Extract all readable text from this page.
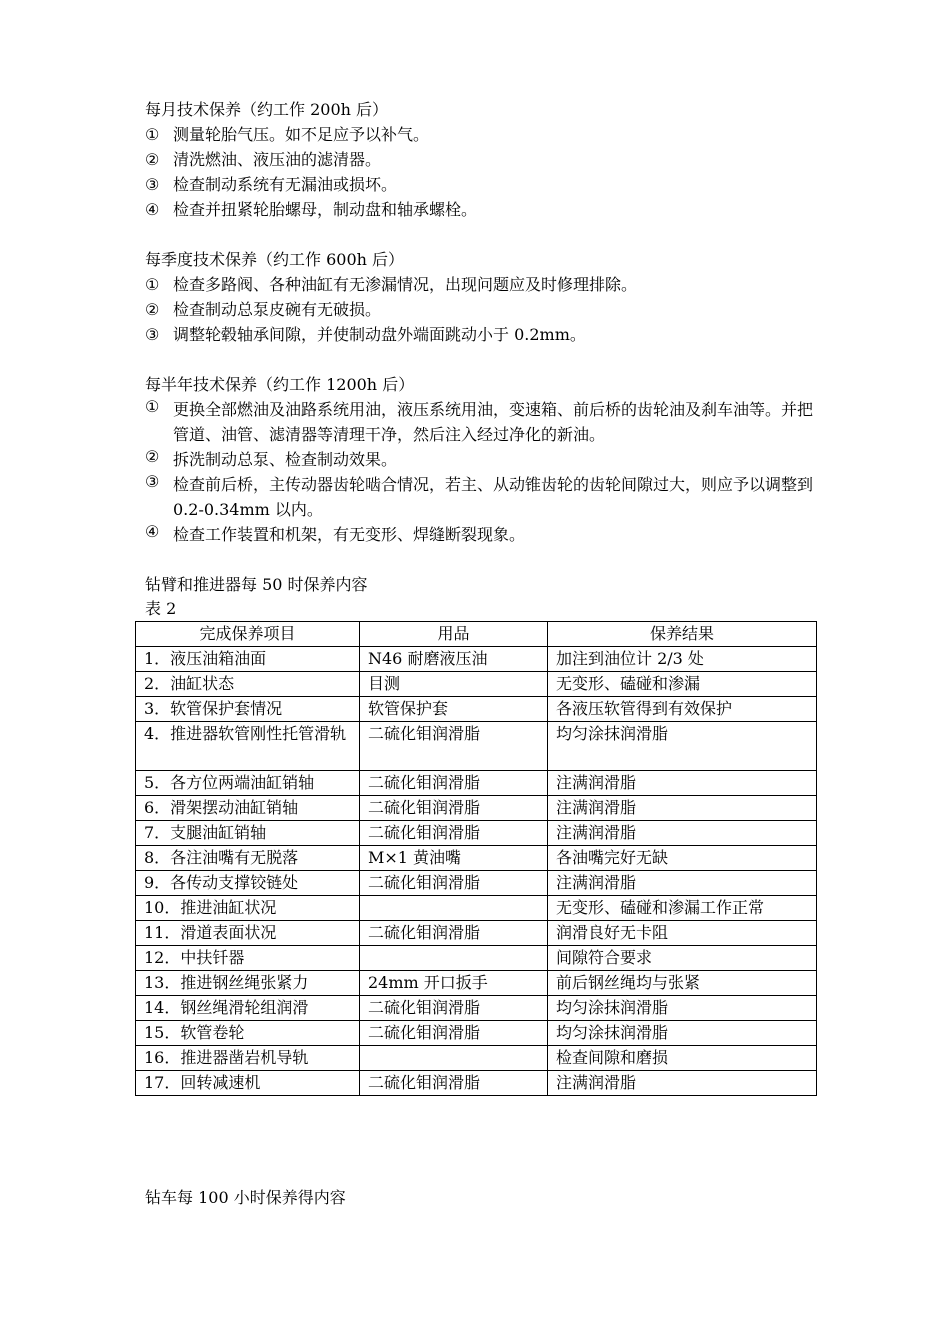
每月技术保养（约工作 200h 后）
① 测量轮胎气压。如不足应予以补气。
② 清洗燃油、液压油的滤清器。
③ 检查制动系统有无漏油或损坏。
④ 检查并扭紧轮胎螺母，制动盘和轴承螺栓。
每季度技术保养（约工作 600h 后）
① 检查多路阀、各种油缸有无渗漏情况，出现问题应及时修理排除。
② 检查制动总泵皮碗有无破损。
③ 调整轮毂轴承间隙，并使制动盘外端面跳动小于 0.2mm。
每半年技术保养（约工作 1200h 后）
① 更换全部燃油及油路系统用油，液压系统用油，变速箱、前后桥的齿轮油及刹车油等。并把管道、油管、滤清器等清理干净，然后注入经过净化的新油。
② 拆洗制动总泵、检查制动效果。
③ 检查前后桥，主传动器齿轮啮合情况，若主、从动锥齿轮的齿轮间隙过大，则应予以调整到 0.2-0.34mm 以内。
④ 检查工作装置和机架，有无变形、焊缝断裂现象。
钻臂和推进器每 50 时保养内容
表 2
完成保养项目	用品	保养结果
1．液压油箱油面	N46 耐磨液压油	加注到油位计 2/3 处
2．油缸状态	目测	无变形、磕碰和渗漏
3．软管保护套情况	软管保护套	各液压软管得到有效保护
4．推进器软管刚性托管滑轨	二硫化钼润滑脂	均匀涂抹润滑脂
5．各方位两端油缸销轴	二硫化钼润滑脂	注满润滑脂
6．滑架摆动油缸销轴	二硫化钼润滑脂	注满润滑脂
7．支腿油缸销轴	二硫化钼润滑脂	注满润滑脂
8．各注油嘴有无脱落	M×1 黄油嘴	各油嘴完好无缺
9．各传动支撑铰链处	二硫化钼润滑脂	注满润滑脂
10．推进油缸状况		无变形、磕碰和渗漏工作正常
11．滑道表面状况	二硫化钼润滑脂	润滑良好无卡阻
12．中扶钎器		间隙符合要求
13．推进钢丝绳张紧力	24mm 开口扳手	前后钢丝绳均与张紧
14．钢丝绳滑轮组润滑	二硫化钼润滑脂	均匀涂抹润滑脂
15．软管卷轮	二硫化钼润滑脂	均匀涂抹润滑脂
16．推进器凿岩机导轨		检查间隙和磨损
17．回转减速机	二硫化钼润滑脂	注满润滑脂
钻车每 100 小时保养得内容
